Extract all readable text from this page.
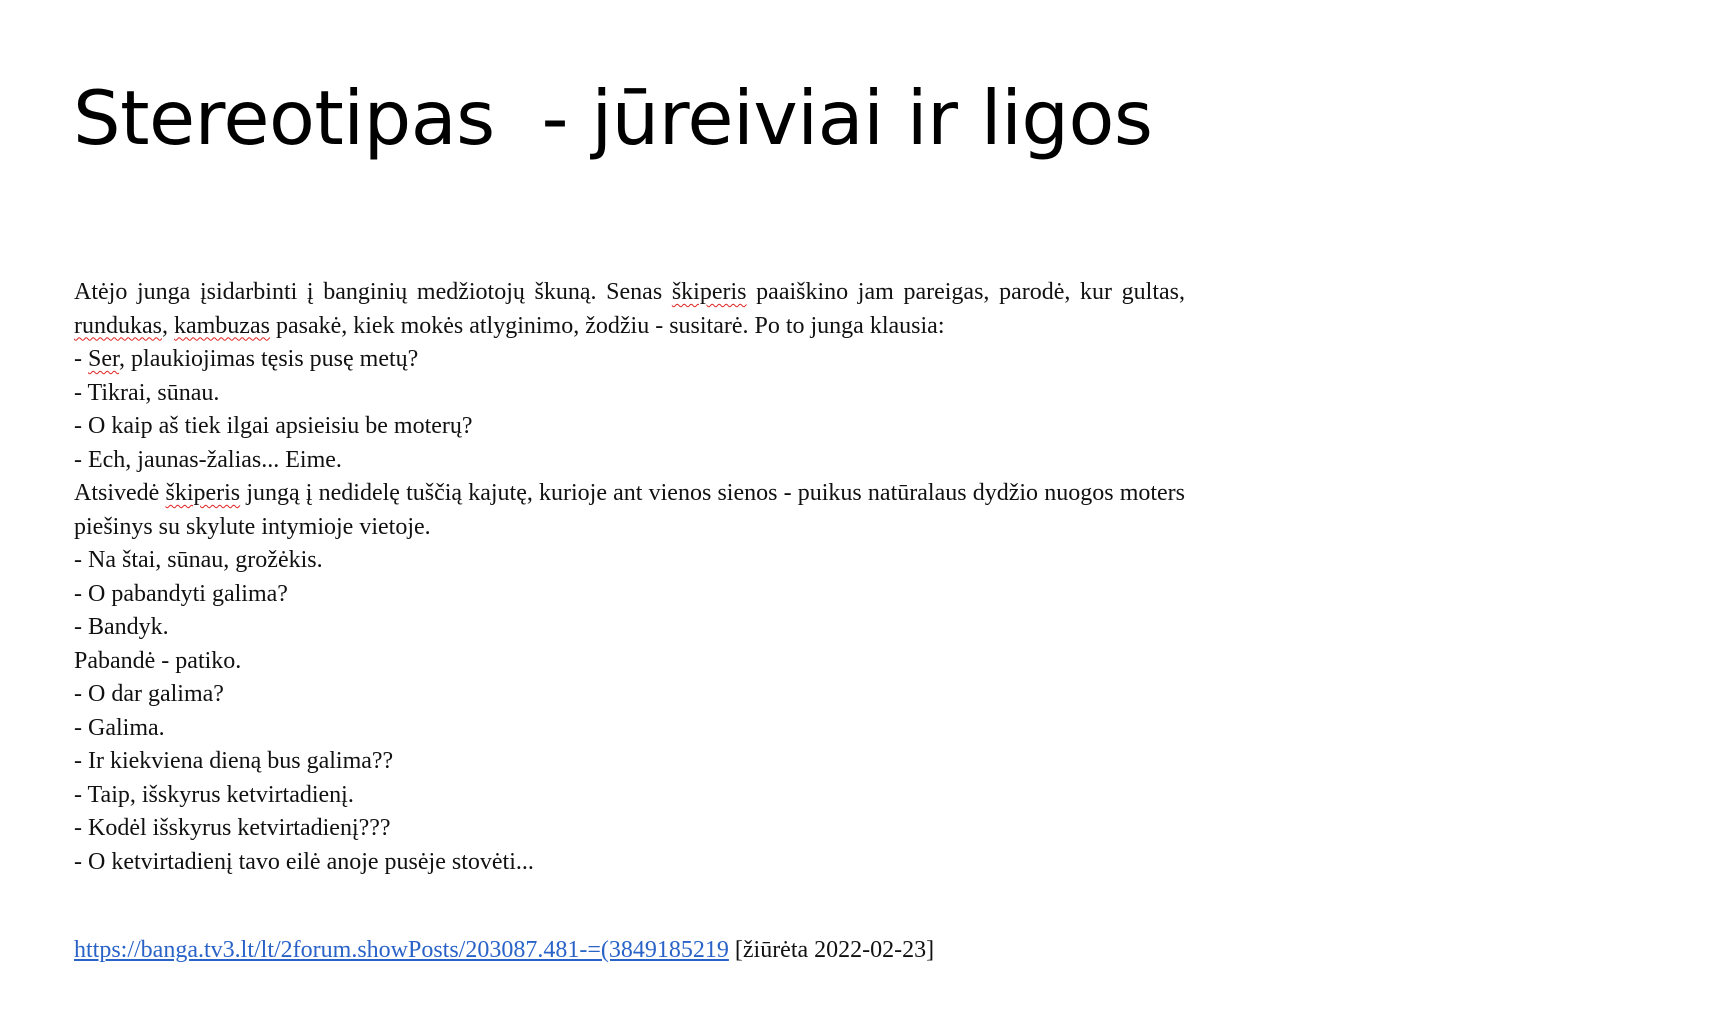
Stereotipas  - jūreiviai ir ligos

Atėjo junga įsidarbinti į banginių medžiotojų škuną. Senas škiperis paaiškino jam pareigas, parodė, kur gultas, rundukas, kambuzas pasakė, kiek mokės atlyginimo, žodžiu - susitarė. Po to junga klausia:

- Ser, plaukiojimas tęsis pusę metų?

- Tikrai, sūnau.

- O kaip aš tiek ilgai apsieisiu be moterų?

- Ech, jaunas-žalias... Eime.

Atsivedė škiperis jungą į nedidelę tuščią kajutę, kurioje ant vienos sienos - puikus natūralaus dydžio nuogos moters piešinys su skylute intymioje vietoje.

- Na štai, sūnau, grožėkis.

- O pabandyti galima?

- Bandyk.

Pabandė - patiko.

- O dar galima?

- Galima.

- Ir kiekviena dieną bus galima??

- Taip, išskyrus ketvirtadienį.

- Kodėl išskyrus ketvirtadienį???

- O ketvirtadienį tavo eilė anoje pusėje stovėti...

https://banga.tv3.lt/lt/2forum.showPosts/203087.481-=(3849185219 [žiūrėta 2022-02-23]
